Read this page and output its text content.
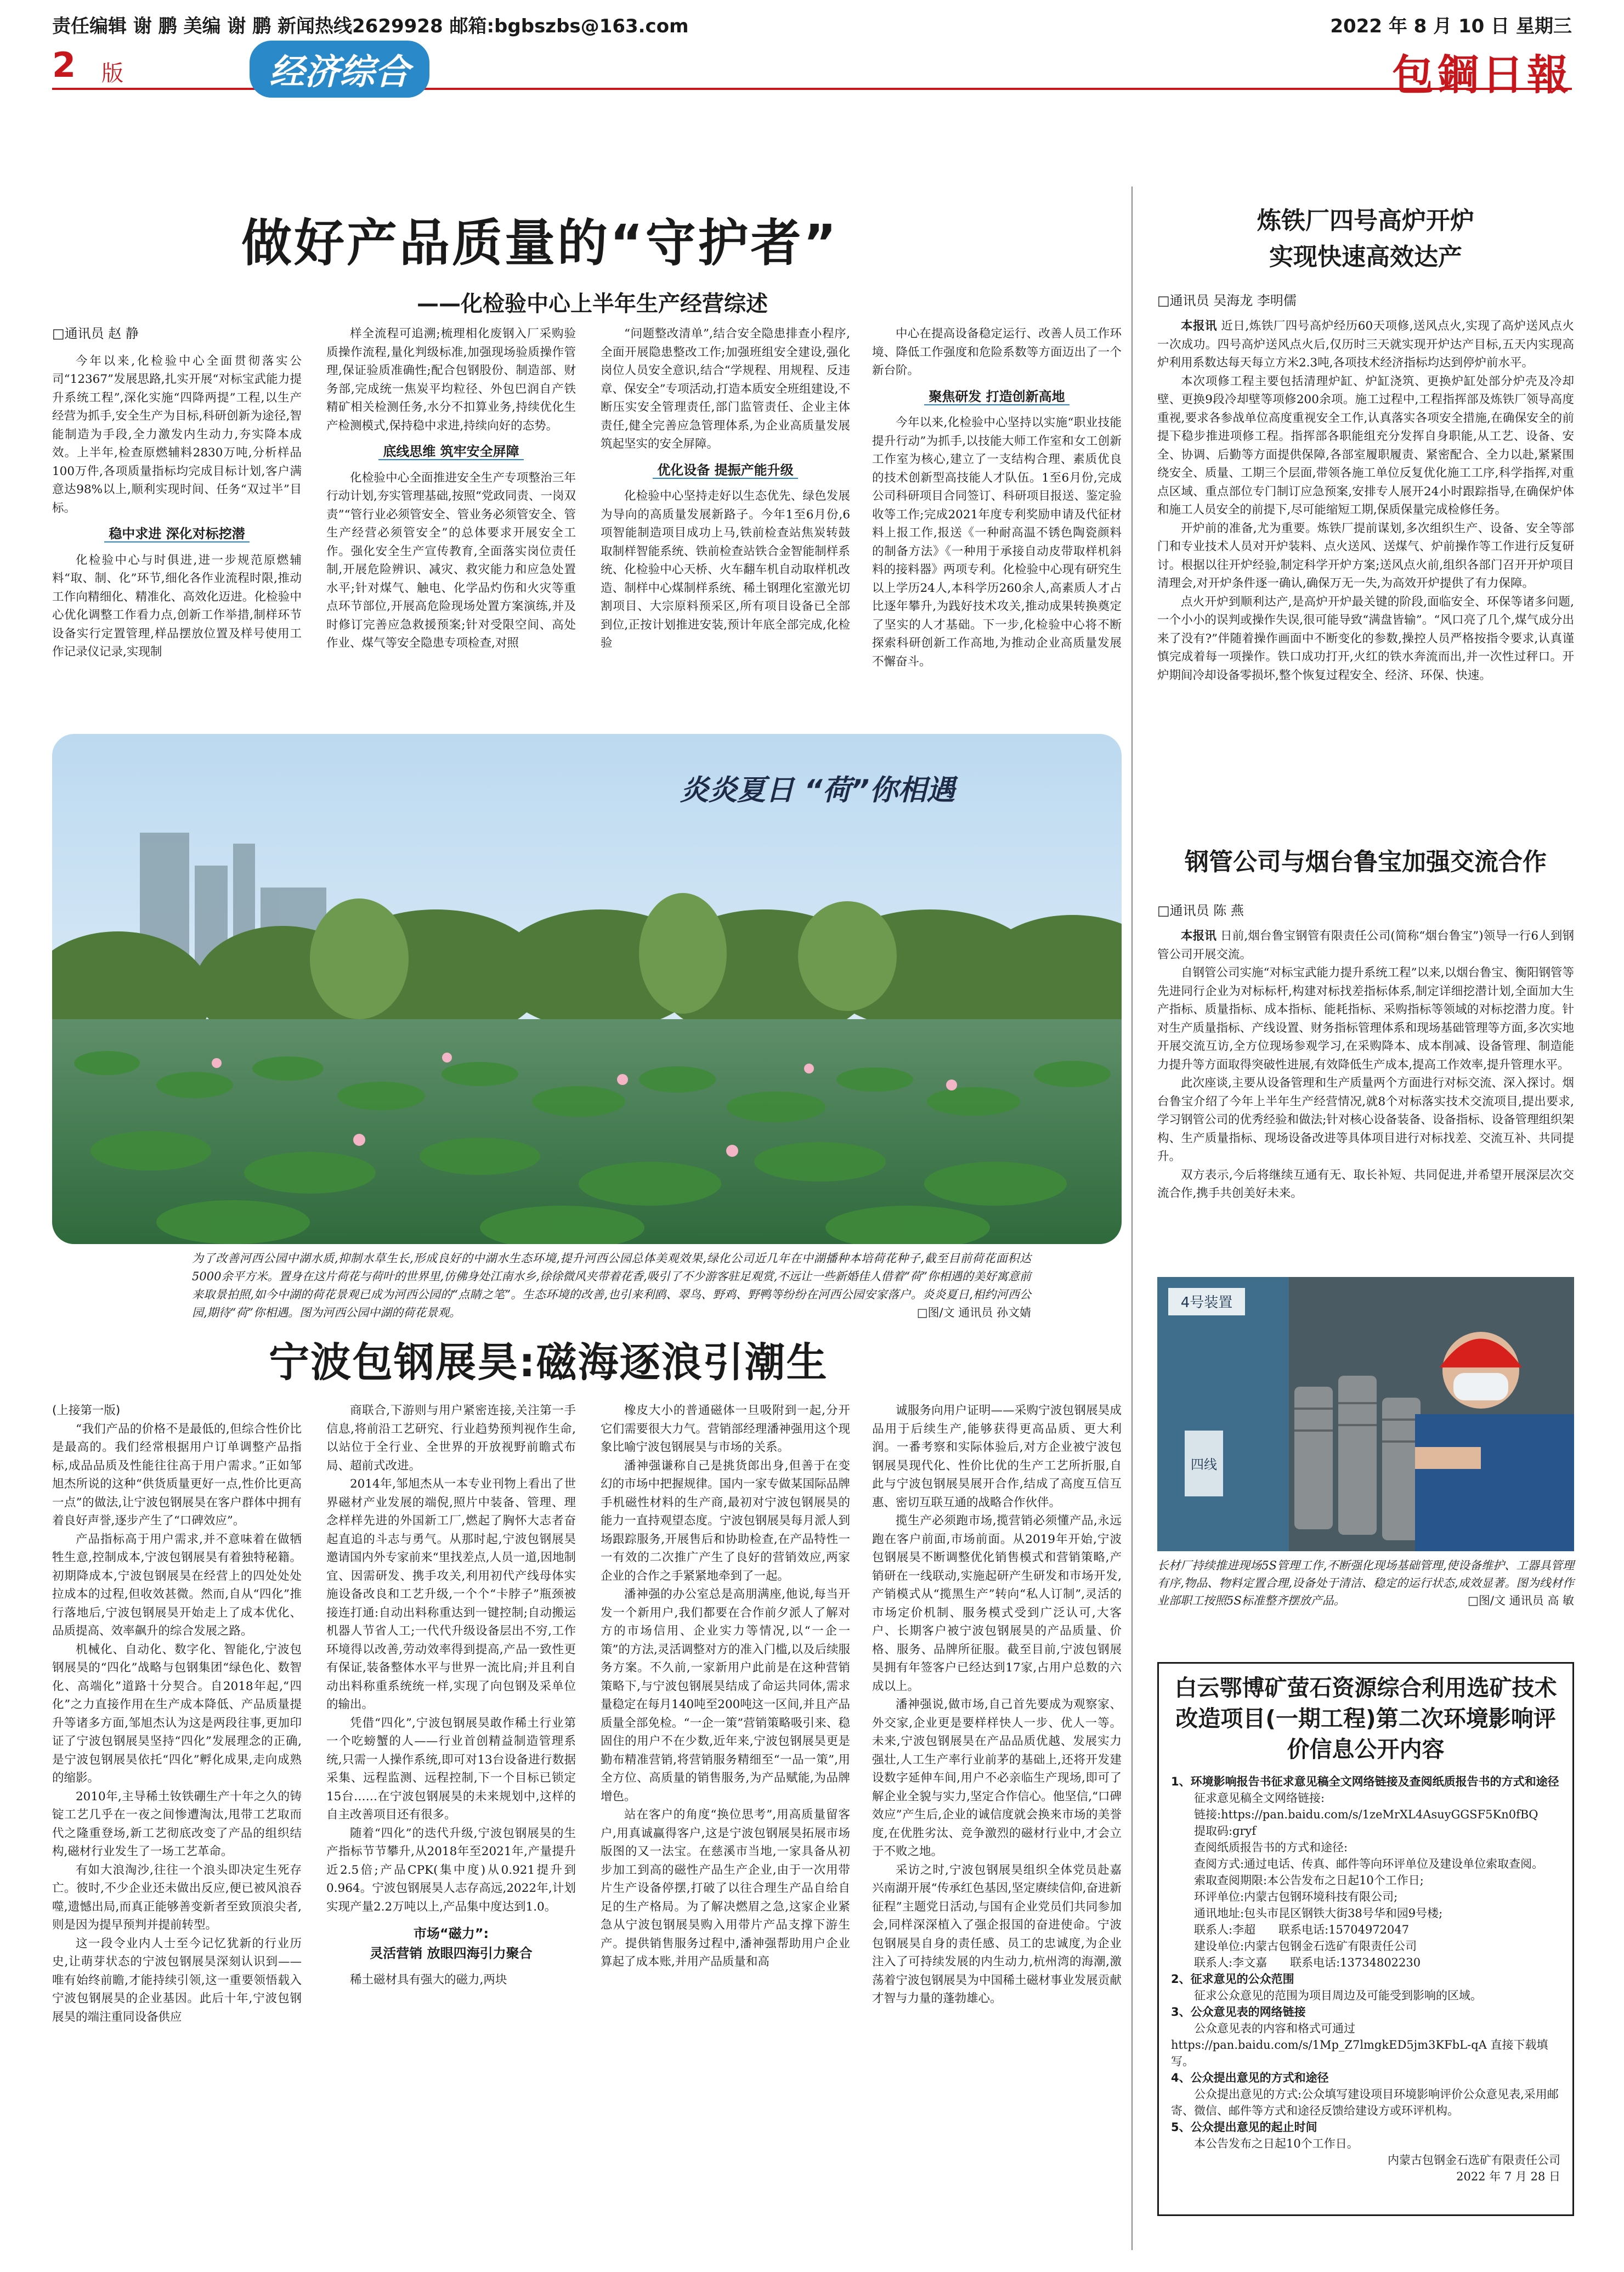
责任编辑 谢 鹏 美编 谢 鹏 新闻热线2629928 邮箱:bgbszbs@163.com	2022 年 8 月 10 日 星期三
2 版	经济综合	包鋼日報
做好产品质量的“守护者”
——化检验中心上半年生产经营综述
□通讯员 赵 静

今年以来,化检验中心全面贯彻落实公司“12367”发展思路,扎实开展“对标宝武能力提升系统工程”,深化实施“四降两提”工程,以生产经营为抓手,安全生产为目标,科研创新为途径,智能制造为手段,全力激发内生动力,夯实降本成效。上半年,检查原燃辅料2830万吨,分析样品100万件,各项质量指标均完成目标计划,客户满意达98%以上,顺利实现时间、任务“双过半”目标。

稳中求进 深化对标挖潜

化检验中心与时俱进,进一步规范原燃辅料“取、制、化”环节,细化各作业流程时限,推动工作向精细化、精准化、高效化迈进。化检验中心优化调整工作看力点,创新工作举措,制样环节设备实行定置管理,样品摆放位置及样号使用工作记录仪记录,实现制

样全流程可追溯;梳理相化废钢入厂采购验质操作流程,量化判级标准,加强现场验质操作管理,保证验质准确性;配合包钢股份、制造部、财务部,完成统一焦炭平均粒径、外包巴润自产铁精矿相关检测任务,水分不扣算业务,持续优化生产检测模式,保持稳中求进,持续向好的态势。

底线思维 筑牢安全屏障

化检验中心全面推进安全生产专项整治三年行动计划,夯实管理基础,按照“党政同责、一岗双责”“管行业必须管安全、管业务必须管安全、管生产经营必须管安全”的总体要求开展安全工作。强化安全生产宣传教育,全面落实岗位责任制,开展危险辨识、减灾、救灾能力和应急处置水平;针对煤气、触电、化学品灼伤和火灾等重点环节部位,开展高危险现场处置方案演练,并及时修订完善应急救援预案;针对受限空间、高处作业、煤气等安全隐患专项检查,对照

“问题整改清单”,结合安全隐患排查小程序,全面开展隐患整改工作;加强班组安全建设,强化岗位人员安全意识,结合“学规程、用规程、反违章、保安全”专项活动,打造本质安全班组建设,不断压实安全管理责任,部门监管责任、企业主体责任,健全完善应急管理体系,为企业高质量发展筑起坚实的安全屏障。

优化设备 提振产能升级

化检验中心坚持走好以生态优先、绿色发展为导向的高质量发展新路子。今年1至6月份,6项智能制造项目成功上马,铁前检查站焦炭转鼓取制样智能系统、铁前检查站铁合金智能制样系统、化检验中心天桥、火车翻车机自动取样机改造、制样中心煤制样系统、稀土钢理化室激光切割项目、大宗原料预采区,所有项目设备已全部到位,正按计划推进安装,预计年底全部完成,化检验

中心在提高设备稳定运行、改善人员工作环境、降低工作强度和危险系数等方面迈出了一个新台阶。

聚焦研发 打造创新高地

今年以来,化检验中心坚持以实施“职业技能提升行动”为抓手,以技能大师工作室和女工创新工作室为核心,建立了一支结构合理、素质优良的技术创新型高技能人才队伍。1至6月份,完成公司科研项目合同签订、科研项目报送、鉴定验收等工作;完成2021年度专利奖励申请及代征材料上报工作,报送《一种耐高温不锈色陶瓷颜料的制备方法》《一种用于承接自动皮带取样机斜料的接料器》两项专利。化检验中心现有研究生以上学历24人,本科学历260余人,高素质人才占比逐年攀升,为践好技术攻关,推动成果转换奠定了坚实的人才基础。下一步,化检验中心将不断探索科研创新工作高地,为推动企业高质量发展不懈奋斗。

炎炎夏日 “荷”你相遇
为了改善河西公园中湖水质,抑制水草生长,形成良好的中湖水生态环境,提升河西公园总体美观效果,绿化公司近几年在中湖播种本培荷花种子,截至目前荷花面积达5000余平方米。置身在这片荷花与荷叶的世界里,仿佛身处江南水乡,徐徐微风夹带着花香,吸引了不少游客驻足观赏,不远让一些新婚佳人借着“荷”你相遇的美好寓意前来取景拍照,如今中湖的荷花景观已成为河西公园的“点睛之笔”。生态环境的改善,也引来利鸥、翠鸟、野鸡、野鸭等纷纷在河西公园安家落户。炎炎夏日,相约河西公园,期待“荷”你相遇。图为河西公园中湖的荷花景观。	□图/文 通讯员 孙文婧
宁波包钢展昊:磁海逐浪引潮生
(上接第一版)

“我们产品的价格不是最低的,但综合性价比是最高的。我们经常根据用户订单调整产品指标,成品品质及性能往往高于用户需求。”正如邹旭杰所说的这种“供货质量更好一点,性价比更高一点”的做法,让宁波包钢展昊在客户群体中拥有着良好声誉,逐步产生了“口碑效应”。

产品指标高于用户需求,并不意味着在做牺牲生意,控制成本,宁波包钢展昊有着独特秘籍。初期降成本,宁波包钢展昊在经营上的四处处处拉成本的过程,但收效甚微。然而,自从“四化”推行落地后,宁波包钢展昊开始走上了成本优化、品质提高、效率飙升的综合发展之路。

机械化、自动化、数字化、智能化,宁波包钢展昊的“四化”战略与包钢集团“绿色化、数智化、高端化”道路十分契合。自2018年起,“四化”之力直接作用在生产成本降低、产品质量提升等诸多方面,邹旭杰认为这是两段往事,更加印证了宁波包钢展昊坚持“四化”发展理念的正确,是宁波包钢展昊依托“四化”孵化成果,走向成熟的缩影。

2010年,主导稀土钕铁硼生产十年之久的铸锭工艺几乎在一夜之间惨遭淘汰,甩带工艺取而代之隆重登场,新工艺彻底改变了产品的组织结构,磁材行业发生了一场工艺革命。

有如大浪淘沙,往往一个浪头即决定生死存亡。彼时,不少企业还未做出反应,便已被风浪吞噬,遗憾出局,而真正能够善变新者至致顶浪尖者,则是因为提早预判并提前转型。

这一段令业内人士至今记忆犹新的行业历史,让萌芽状态的宁波包钢展昊深刻认识到——唯有始终前瞻,才能持续引领,这一重要领悟载入宁波包钢展昊的企业基因。此后十年,宁波包钢展昊的端注重同设备供应

商联合,下游则与用户紧密连接,关注第一手信息,将前沿工艺研究、行业趋势预判视作生命,以站位于全行业、全世界的开放视野前瞻式布局、超前式改进。

2014年,邹旭杰从一本专业刊物上看出了世界磁材产业发展的端倪,照片中装备、管理、理念样样先进的外国新工厂,燃起了胸怀大志者奋起直追的斗志与勇气。从那时起,宁波包钢展昊邀请国内外专家前来“里找差点,人员一道,因地制宜、因需研发、携手攻关,利用初代产线母体实施设备改良和工艺升级,一个个“卡脖子”瓶颈被接连打通:自动出料称重达到一键控制;自动搬运机器人节省人工;一代代升级设备层出不穷,工作环境得以改善,劳动效率得到提高,产品一致性更有保证,装备整体水平与世界一流比肩;并且利自动出料称重系统统一样,实现了向包钢及采单位的输出。

凭借“四化”,宁波包钢展昊敢作稀土行业第一个吃螃蟹的人——行业首创精益制造管理系统,只需一人操作系统,即可对13台设备进行数据采集、远程监测、远程控制,下一个目标已锁定15台……在宁波包钢展昊的未来规划中,这样的自主改善项目还有很多。

随着“四化”的迭代升级,宁波包钢展昊的生产指标节节攀升,从2018年至2021年,产量提升近2.5倍;产品CPK(集中度)从0.921提升到0.964。宁波包钢展昊人志存高远,2022年,计划实现产量2.2万吨以上,产品集中度达到1.0。

市场“磁力”:
灵活营销 放眼四海引力聚合

稀土磁材具有强大的磁力,两块

橡皮大小的普通磁体一旦吸附到一起,分开它们需要很大力气。营销部经理潘神强用这个现象比喻宁波包钢展昊与市场的关系。

潘神强谦称自己是挑货郎出身,但善于在变幻的市场中把握规律。国内一家专做某国际品牌手机磁性材料的生产商,最初对宁波包钢展昊的能力一直持观望态度。宁波包钢展昊每月派人到场跟踪服务,开展售后和协助检查,在产品特性一一有效的二次推广产生了良好的营销效应,两家企业的合作之手紧紧地牵到了一起。

潘神强的办公室总是高朋满座,他说,每当开发一个新用户,我们都要在合作前夕派人了解对方的市场信用、企业实力等情况,以“一企一策”的方法,灵活调整对方的准入门槛,以及后续服务方案。不久前,一家新用户此前是在这种营销策略下,与宁波包钢展昊结成了命运共同体,需求量稳定在每月140吨至200吨这一区间,并且产品质量全部免检。“一企一策”营销策略吸引来、稳固住的用户不在少数,近年来,宁波包钢展昊更是勤布精准营销,将营销服务精细至“一品一策”,用全方位、高质量的销售服务,为产品赋能,为品牌增色。

站在客户的角度“换位思考”,用高质量留客户,用真诚赢得客户,这是宁波包钢展昊拓展市场版图的又一法宝。在慈溪市当地,一家具备从初步加工到高的磁性产品生产企业,由于一次用带片生产设备停摆,打破了以往合理生产品自给自足的生产格局。为了解决燃眉之急,这家企业紧急从宁波包钢展昊购入用带片产品支撑下游生产。提供销售服务过程中,潘神强帮助用户企业算起了成本账,并用产品质量和高

诚服务向用户证明——采购宁波包钢展昊成品用于后续生产,能够获得更高品质、更大利润。一番考察和实际体验后,对方企业被宁波包钢展昊现代化、性价比优的生产工艺所折服,自此与宁波包钢展昊展开合作,结成了高度互信互惠、密切互联互通的战略合作伙伴。

揽生产必须跑市场,揽营销必须懂产品,永远跑在客户前面,市场前面。从2019年开始,宁波包钢展昊不断调整优化销售模式和营销策略,产销研在一线联动,实施起研产生研发和市场开发,产销模式从“揽黑生产”转向“私人订制”,灵活的市场定价机制、服务模式受到广泛认可,大客户、长期客户被宁波包钢展昊的产品质量、价格、服务、品牌所征服。截至目前,宁波包钢展昊拥有年签客户已经达到17家,占用户总数的六成以上。

潘神强说,做市场,自己首先要成为观察家、外交家,企业更是要样样快人一步、优人一等。未来,宁波包钢展昊在产品品质优越、发展实力强壮,人工生产率行业前茅的基础上,还将开发建设数字延伸车间,用户不必亲临生产现场,即可了解企业全貌与实力,坚定合作信心。他坚信,“口碑效应”产生后,企业的诚信度就会换来市场的美誉度,在优胜劣汰、竞争激烈的磁材行业中,才会立于不败之地。

采访之时,宁波包钢展昊组织全体党员赴嘉兴南湖开展“传承红色基因,坚定赓续信仰,奋进新征程”主题党日活动,与国有企业党员们共同参加会,同样深深植入了强企报国的奋进使命。宁波包钢展昊自身的责任感、员工的忠诚度,为企业注入了可持续发展的内生动力,杭州湾的海潮,激荡着宁波包钢展昊为中国稀土磁材事业发展贡献才智与力量的蓬勃雄心。

炼铁厂四号高炉开炉
实现快速高效达产
□通讯员 吴海龙 李明儒

本报讯 近日,炼铁厂四号高炉经历60天项修,送风点火,实现了高炉送风点火一次成功。四号高炉送风点火后,仅历时三天就实现开炉达产目标,五天内实现高炉利用系数达每天每立方米2.3吨,各项技术经济指标均达到停炉前水平。

本次项修工程主要包括清理炉缸、炉缸浇筑、更换炉缸处部分炉壳及冷却壁、更换9段冷却壁等项修200余项。施工过程中,工程指挥部及炼铁厂领导高度重视,要求各参战单位高度重视安全工作,认真落实各项安全措施,在确保安全的前提下稳步推进项修工程。指挥部各职能组充分发挥自身职能,从工艺、设备、安全、协调、后勤等方面提供保障,各部室履职履责、紧密配合、全力以赴,紧紧围绕安全、质量、工期三个层面,带领各施工单位反复优化施工工序,科学指挥,对重点区域、重点部位专门制订应急预案,安排专人展开24小时跟踪指导,在确保炉体和施工人员安全的前提下,尽可能缩短工期,保质保量完成检修任务。

开炉前的准备,尤为重要。炼铁厂提前谋划,多次组织生产、设备、安全等部门和专业技术人员对开炉装料、点火送风、送煤气、炉前操作等工作进行反复研讨。根据以往开炉经验,制定科学开炉方案;送风点火前,组织各部门召开开炉项目清理会,对开炉条件逐一确认,确保万无一失,为高效开炉提供了有力保障。

点火开炉到顺利达产,是高炉开炉最关键的阶段,面临安全、环保等诸多问题,一个小小的误判或操作失误,很可能导致“满盘皆输”。“风口亮了几个,煤气成分出来了没有?”伴随着操作画面中不断变化的参数,操控人员严格按指令要求,认真谨慎完成着每一项操作。铁口成功打开,火红的铁水奔流而出,并一次性过秤口。开炉期间冷却设备零损坏,整个恢复过程安全、经济、环保、快速。

钢管公司与烟台鲁宝加强交流合作
□通讯员 陈 燕

本报讯 日前,烟台鲁宝钢管有限责任公司(简称“烟台鲁宝”)领导一行6人到钢管公司开展交流。

自钢管公司实施“对标宝武能力提升系统工程”以来,以烟台鲁宝、衡阳钢管等先进同行企业为对标标杆,构建对标找差指标体系,制定详细挖潜计划,全面加大生产指标、质量指标、成本指标、能耗指标、采购指标等领域的对标挖潜力度。针对生产质量指标、产线设置、财务指标管理体系和现场基础管理等方面,多次实地开展交流互访,全方位现场参观学习,在采购降本、成本削减、设备管理、制造能力提升等方面取得突破性进展,有效降低生产成本,提高工作效率,提升管理水平。

此次座谈,主要从设备管理和生产质量两个方面进行对标交流、深入探讨。烟台鲁宝介绍了今年上半年生产经营情况,就8个对标落实技术交流项目,提出要求,学习钢管公司的优秀经验和做法;针对核心设备装备、设备指标、设备管理组织架构、生产质量指标、现场设备改进等具体项目进行对标找差、交流互补、共同提升。

双方表示,今后将继续互通有无、取长补短、共同促进,并希望开展深层次交流合作,携手共创美好未来。

4号装置
四线
长材厂持续推进现场5S管理工作,不断强化现场基础管理,使设备维护、工器具管理有序,物品、物料定置合理,设备处于清洁、稳定的运行状态,成效显著。图为线材作业部职工按照5S标准整齐摆放产品。	□图/文 通讯员 高 敏
白云鄂博矿萤石资源综合利用选矿技术改造项目(一期工程)第二次环境影响评价信息公开内容

1、环境影响报告书征求意见稿全文网络链接及查阅纸质报告书的方式和途径

征求意见稿全文网络链接:

链接:https://pan.baidu.com/s/1zeMrXL4AsuyGGSF5Kn0fBQ

提取码:gryf

查阅纸质报告书的方式和途径:

查阅方式:通过电话、传真、邮件等向环评单位及建设单位索取查阅。

索取查阅期限:本公告发布之日起10个工作日;

环评单位:内蒙古包钢环境科技有限公司;

通讯地址:包头市昆区钢铁大街38号华和园9号楼;

联系人:李超　　联系电话:15704972047

建设单位:内蒙古包钢金石选矿有限责任公司

联系人:李文嘉　　联系电话:13734802230

2、征求意见的公众范围

征求公众意见的范围为项目周边及可能受到影响的区域。

3、公众意见表的网络链接

公众意见表的内容和格式可通过https://pan.baidu.com/s/1Mp_Z7lmgkED5jm3KFbL-qA 直接下载填写。

4、公众提出意见的方式和途径

公众提出意见的方式:公众填写建设项目环境影响评价公众意见表,采用邮寄、微信、邮件等方式和途径反馈给建设方或环评机构。

5、公众提出意见的起止时间

本公告发布之日起10个工作日。

内蒙古包钢金石选矿有限责任公司

2022 年 7 月 28 日
